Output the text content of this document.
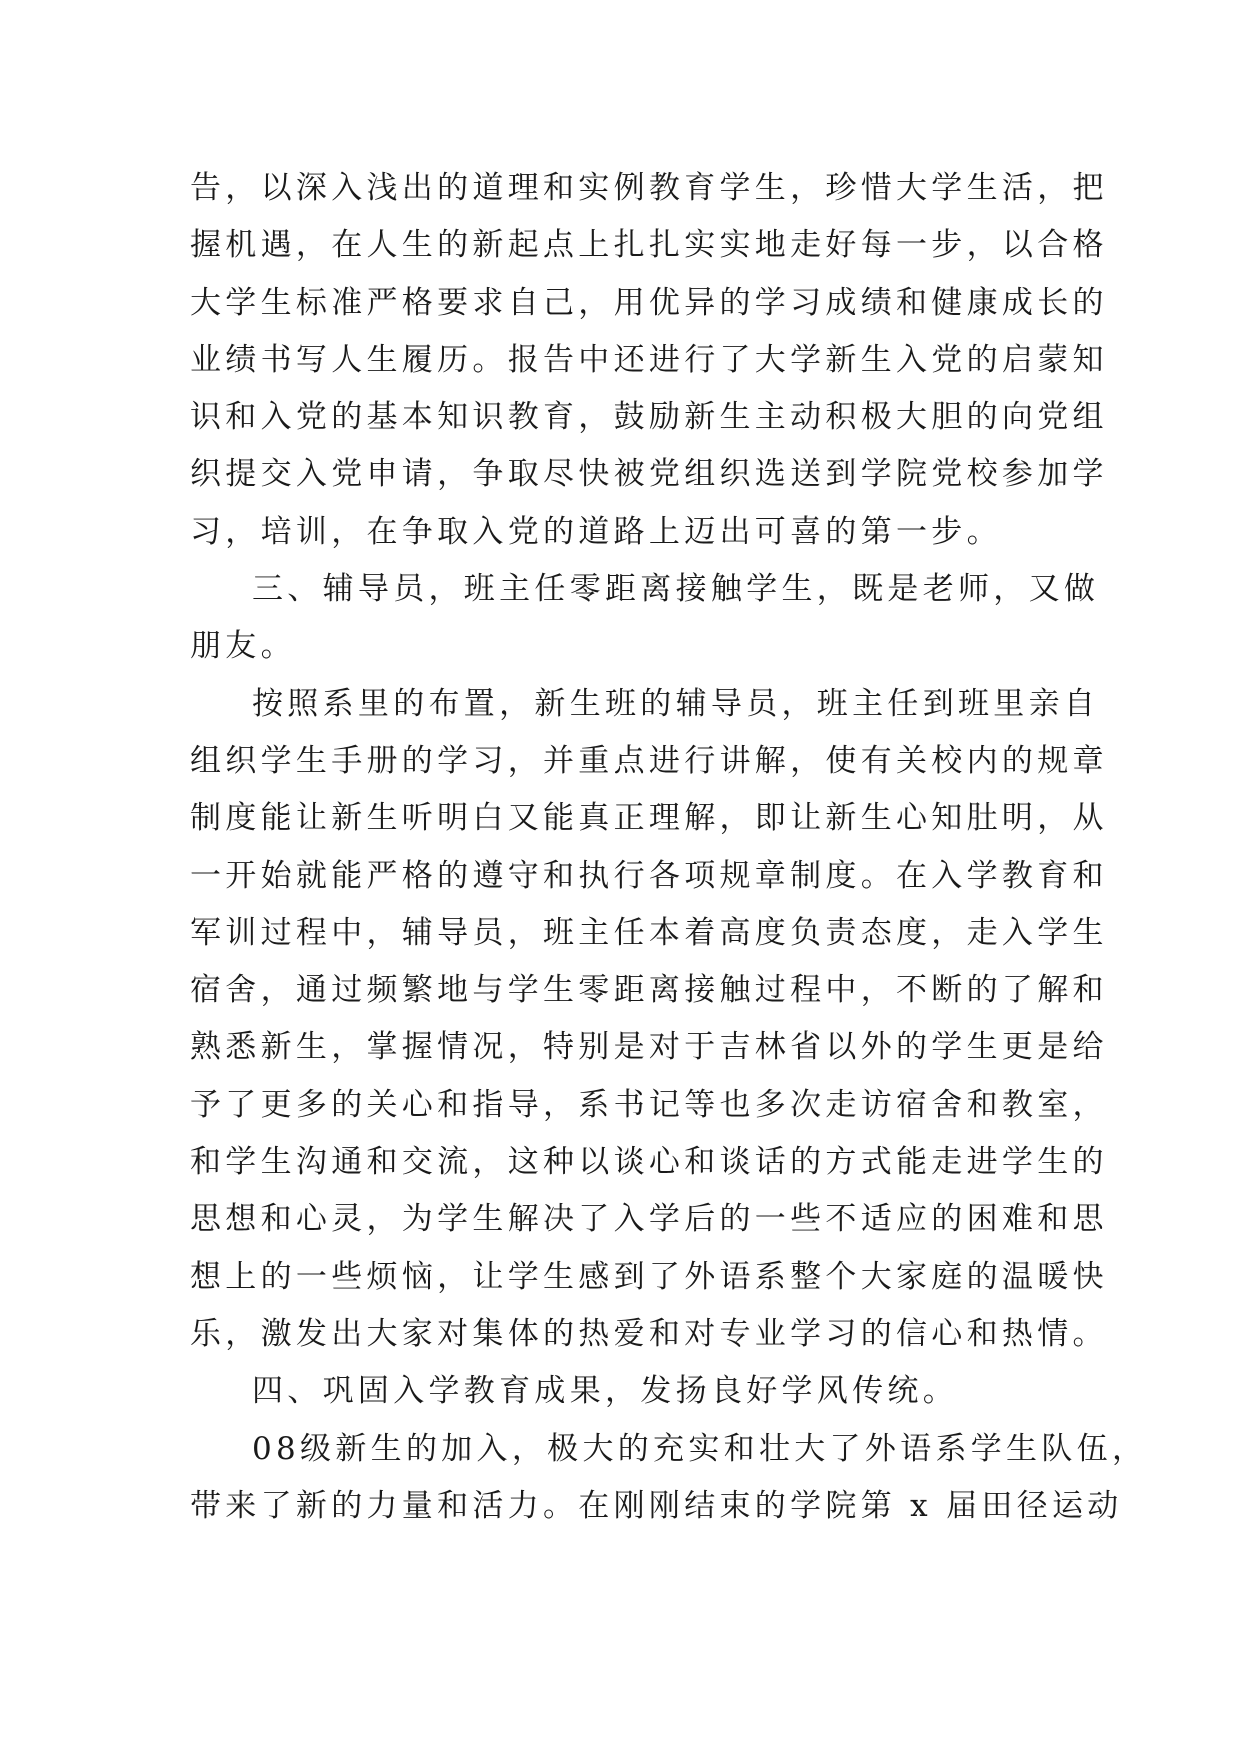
告，以深入浅出的道理和实例教育学生，珍惜大学生活，把
握机遇，在人生的新起点上扎扎实实地走好每一步，以合格
大学生标准严格要求自己，用优异的学习成绩和健康成长的
业绩书写人生履历。报告中还进行了大学新生入党的启蒙知
识和入党的基本知识教育，鼓励新生主动积极大胆的向党组
织提交入党申请，争取尽快被党组织选送到学院党校参加学
习，培训，在争取入党的道路上迈出可喜的第一步。
三、辅导员，班主任零距离接触学生，既是老师，又做
朋友。
按照系里的布置，新生班的辅导员，班主任到班里亲自
组织学生手册的学习，并重点进行讲解，使有关校内的规章
制度能让新生听明白又能真正理解，即让新生心知肚明，从
一开始就能严格的遵守和执行各项规章制度。在入学教育和
军训过程中，辅导员，班主任本着高度负责态度，走入学生
宿舍，通过频繁地与学生零距离接触过程中，不断的了解和
熟悉新生，掌握情况，特别是对于吉林省以外的学生更是给
予了更多的关心和指导，系书记等也多次走访宿舍和教室，
和学生沟通和交流，这种以谈心和谈话的方式能走进学生的
思想和心灵，为学生解决了入学后的一些不适应的困难和思
想上的一些烦恼，让学生感到了外语系整个大家庭的温暖快
乐，激发出大家对集体的热爱和对专业学习的信心和热情。
四、巩固入学教育成果，发扬良好学风传统。
08级新生的加入，极大的充实和壮大了外语系学生队伍，
带来了新的力量和活力。在刚刚结束的学院第 x 届田径运动
